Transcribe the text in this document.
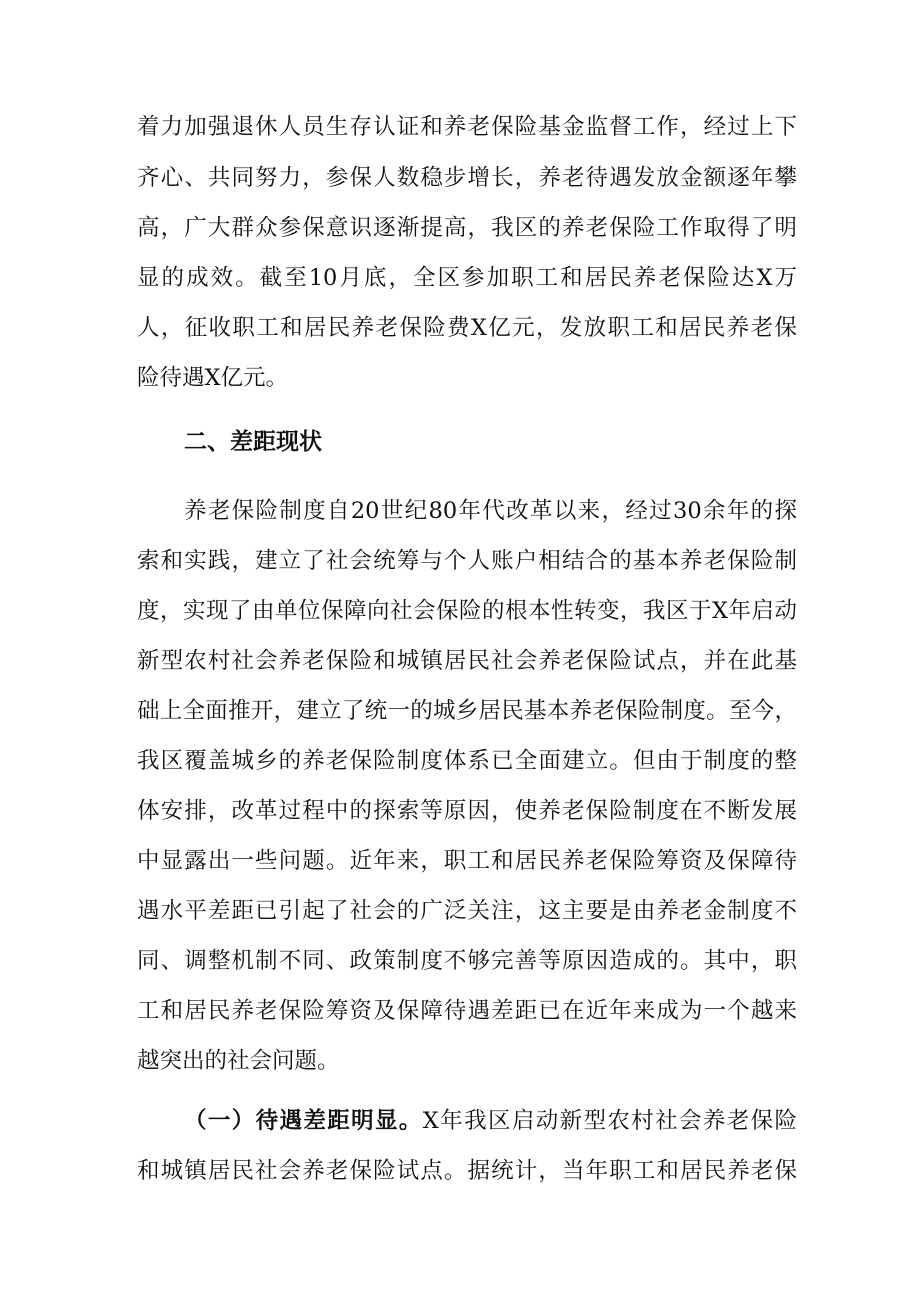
着力加强退休人员生存认证和养老保险基金监督工作，经过上下
齐心、共同努力，参保人数稳步增长，养老待遇发放金额逐年攀
高，广大群众参保意识逐渐提高，我区的养老保险工作取得了明
显的成效。截至10月底，全区参加职工和居民养老保险达X万
人，征收职工和居民养老保险费X亿元，发放职工和居民养老保
险待遇X亿元。
二、差距现状
养老保险制度自20世纪80年代改革以来，经过30余年的探
索和实践，建立了社会统筹与个人账户相结合的基本养老保险制
度，实现了由单位保障向社会保险的根本性转变，我区于X年启动
新型农村社会养老保险和城镇居民社会养老保险试点，并在此基
础上全面推开，建立了统一的城乡居民基本养老保险制度。至今，
我区覆盖城乡的养老保险制度体系已全面建立。但由于制度的整
体安排，改革过程中的探索等原因，使养老保险制度在不断发展
中显露出一些问题。近年来，职工和居民养老保险筹资及保障待
遇水平差距已引起了社会的广泛关注，这主要是由养老金制度不
同、调整机制不同、政策制度不够完善等原因造成的。其中，职
工和居民养老保险筹资及保障待遇差距已在近年来成为一个越来
越突出的社会问题。
（一）待遇差距明显。X年我区启动新型农村社会养老保险
和城镇居民社会养老保险试点。据统计，当年职工和居民养老保
